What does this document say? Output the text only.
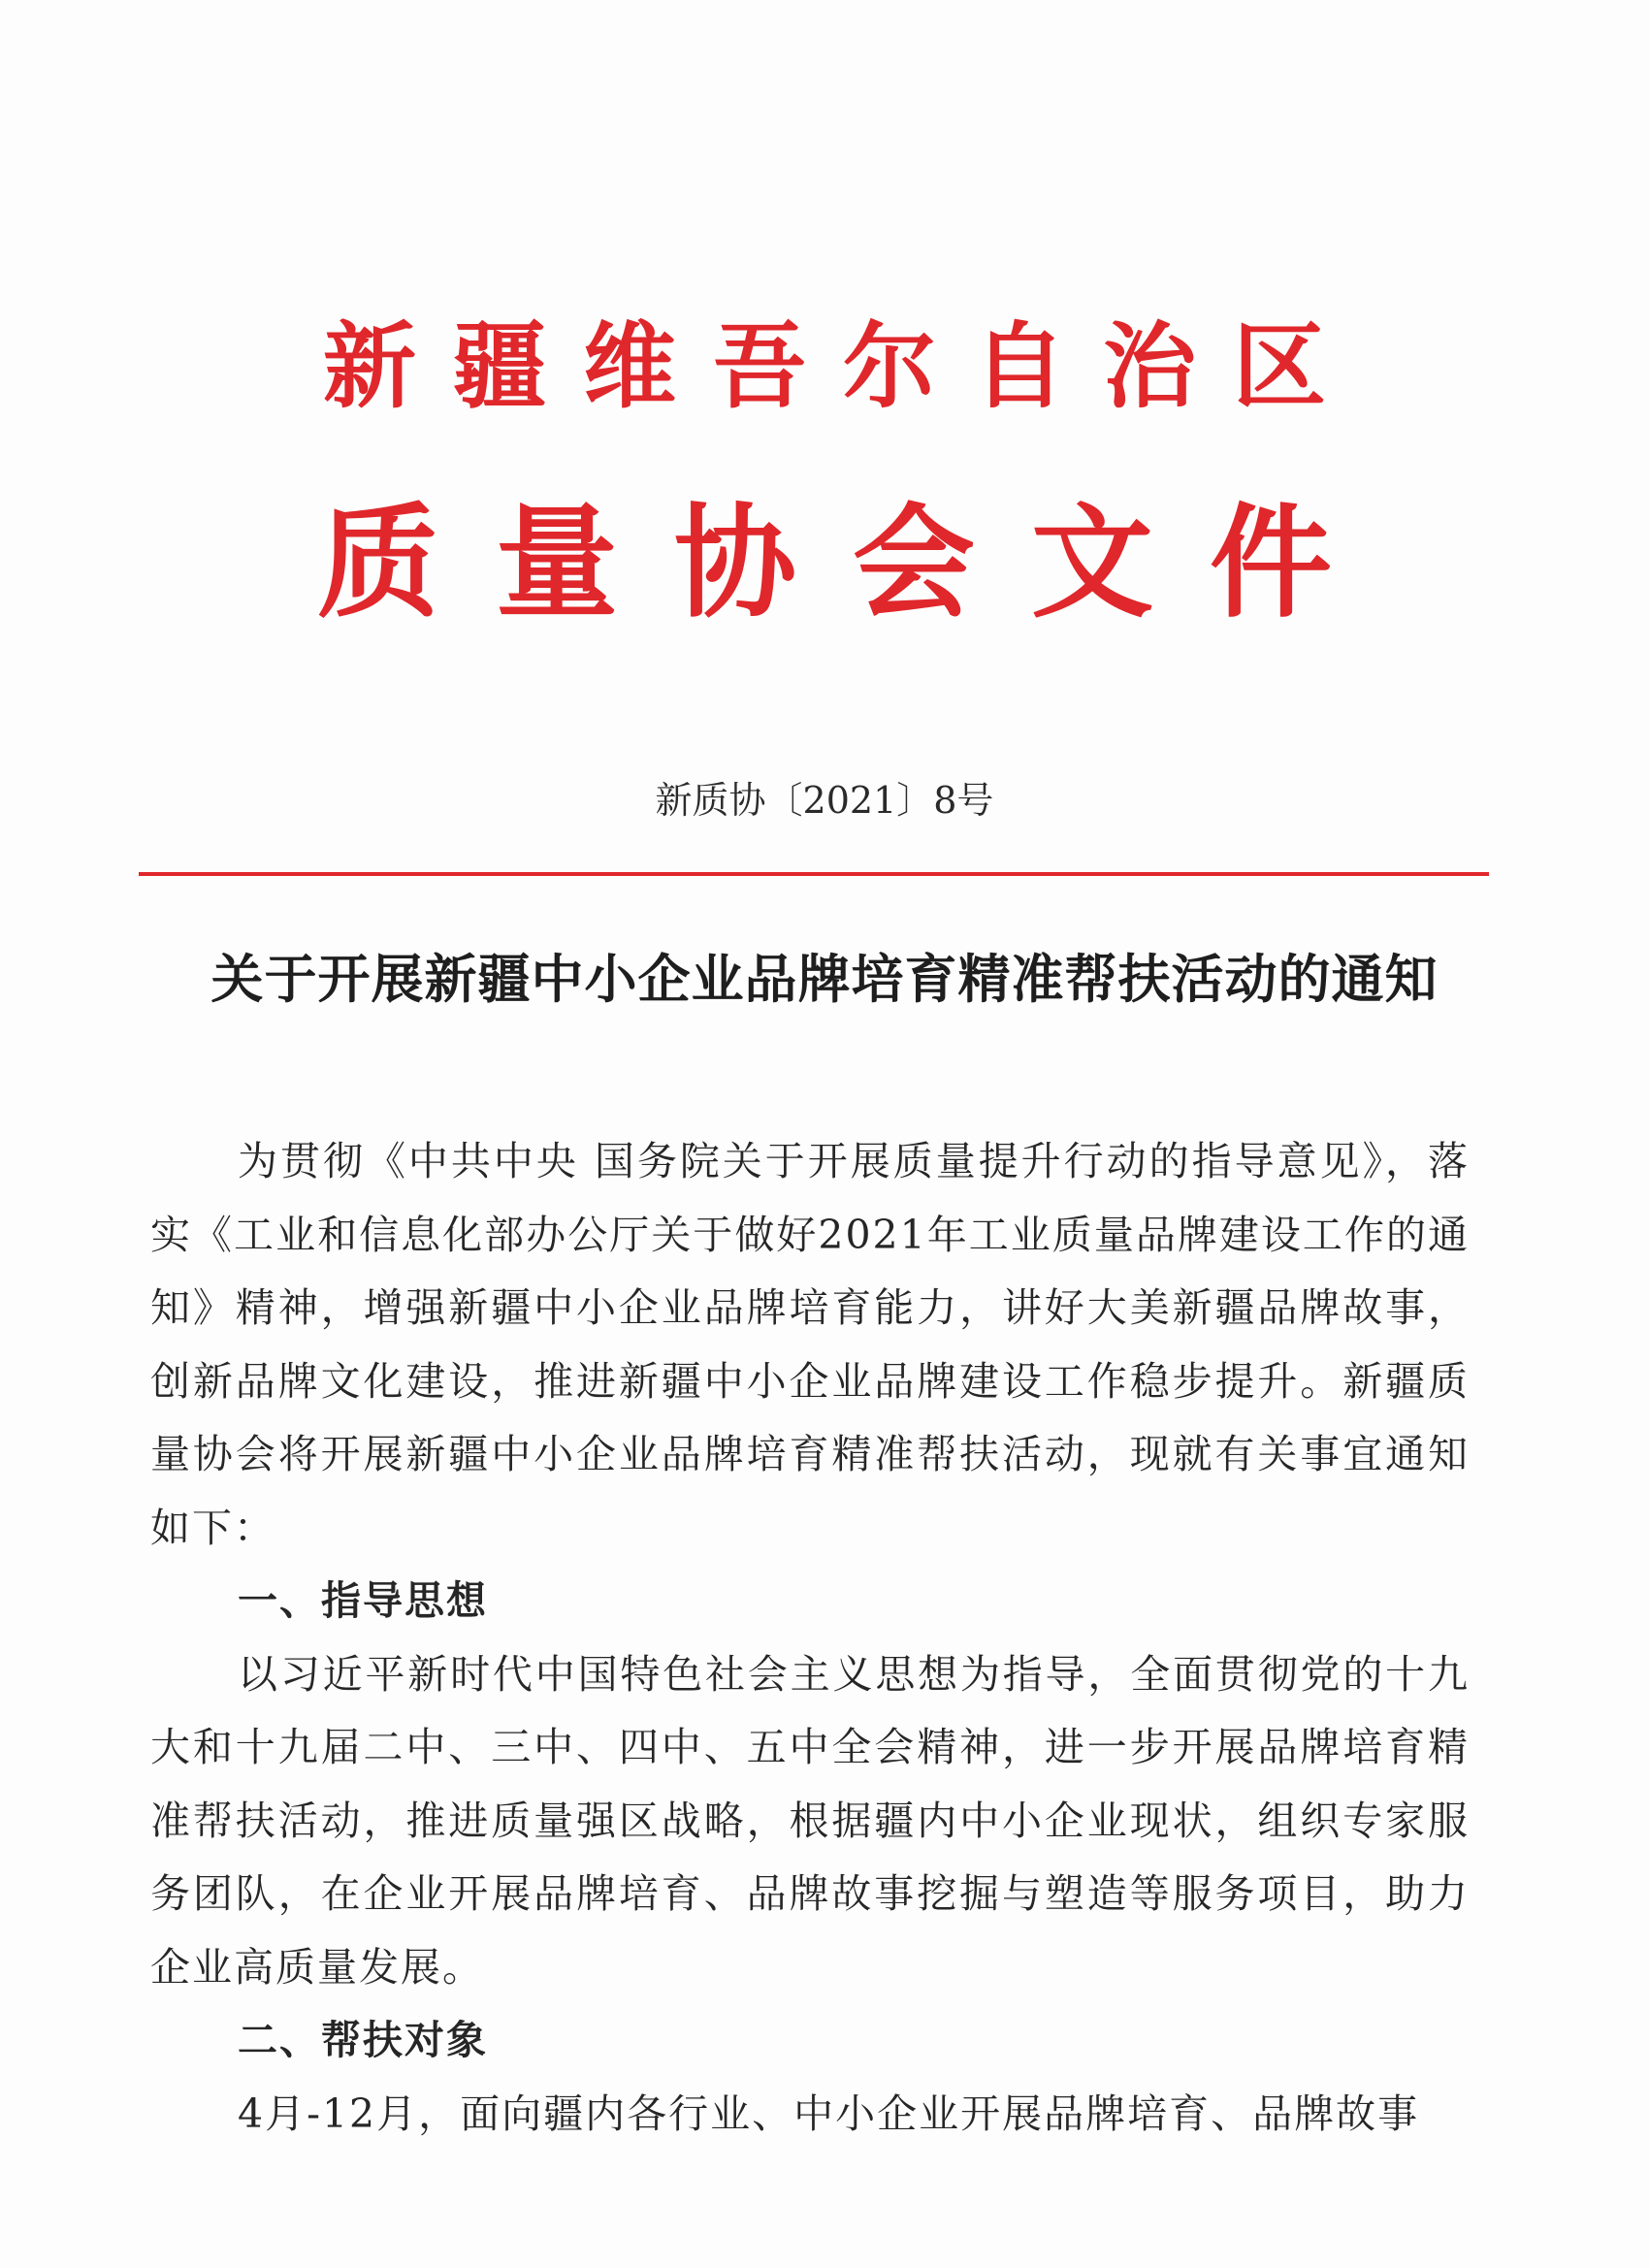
新疆维吾尔自治区
质量协会文件
新质协〔2021〕8号
关于开展新疆中小企业品牌培育精准帮扶活动的通知

为贯彻《中共中央 国务院关于开展质量提升行动的指导意见》，落实《工业和信息化部办公厅关于做好2021年工业质量品牌建设工作的通知》精神，增强新疆中小企业品牌培育能力，讲好大美新疆品牌故事，创新品牌文化建设，推进新疆中小企业品牌建设工作稳步提升。新疆质量协会将开展新疆中小企业品牌培育精准帮扶活动，现就有关事宜通知如下：

一、指导思想

以习近平新时代中国特色社会主义思想为指导，全面贯彻党的十九大和十九届二中、三中、四中、五中全会精神，进一步开展品牌培育精准帮扶活动，推进质量强区战略，根据疆内中小企业现状，组织专家服务团队，在企业开展品牌培育、品牌故事挖掘与塑造等服务项目，助力企业高质量发展。

二、帮扶对象

4月-12月，面向疆内各行业、中小企业开展品牌培育、品牌故事
